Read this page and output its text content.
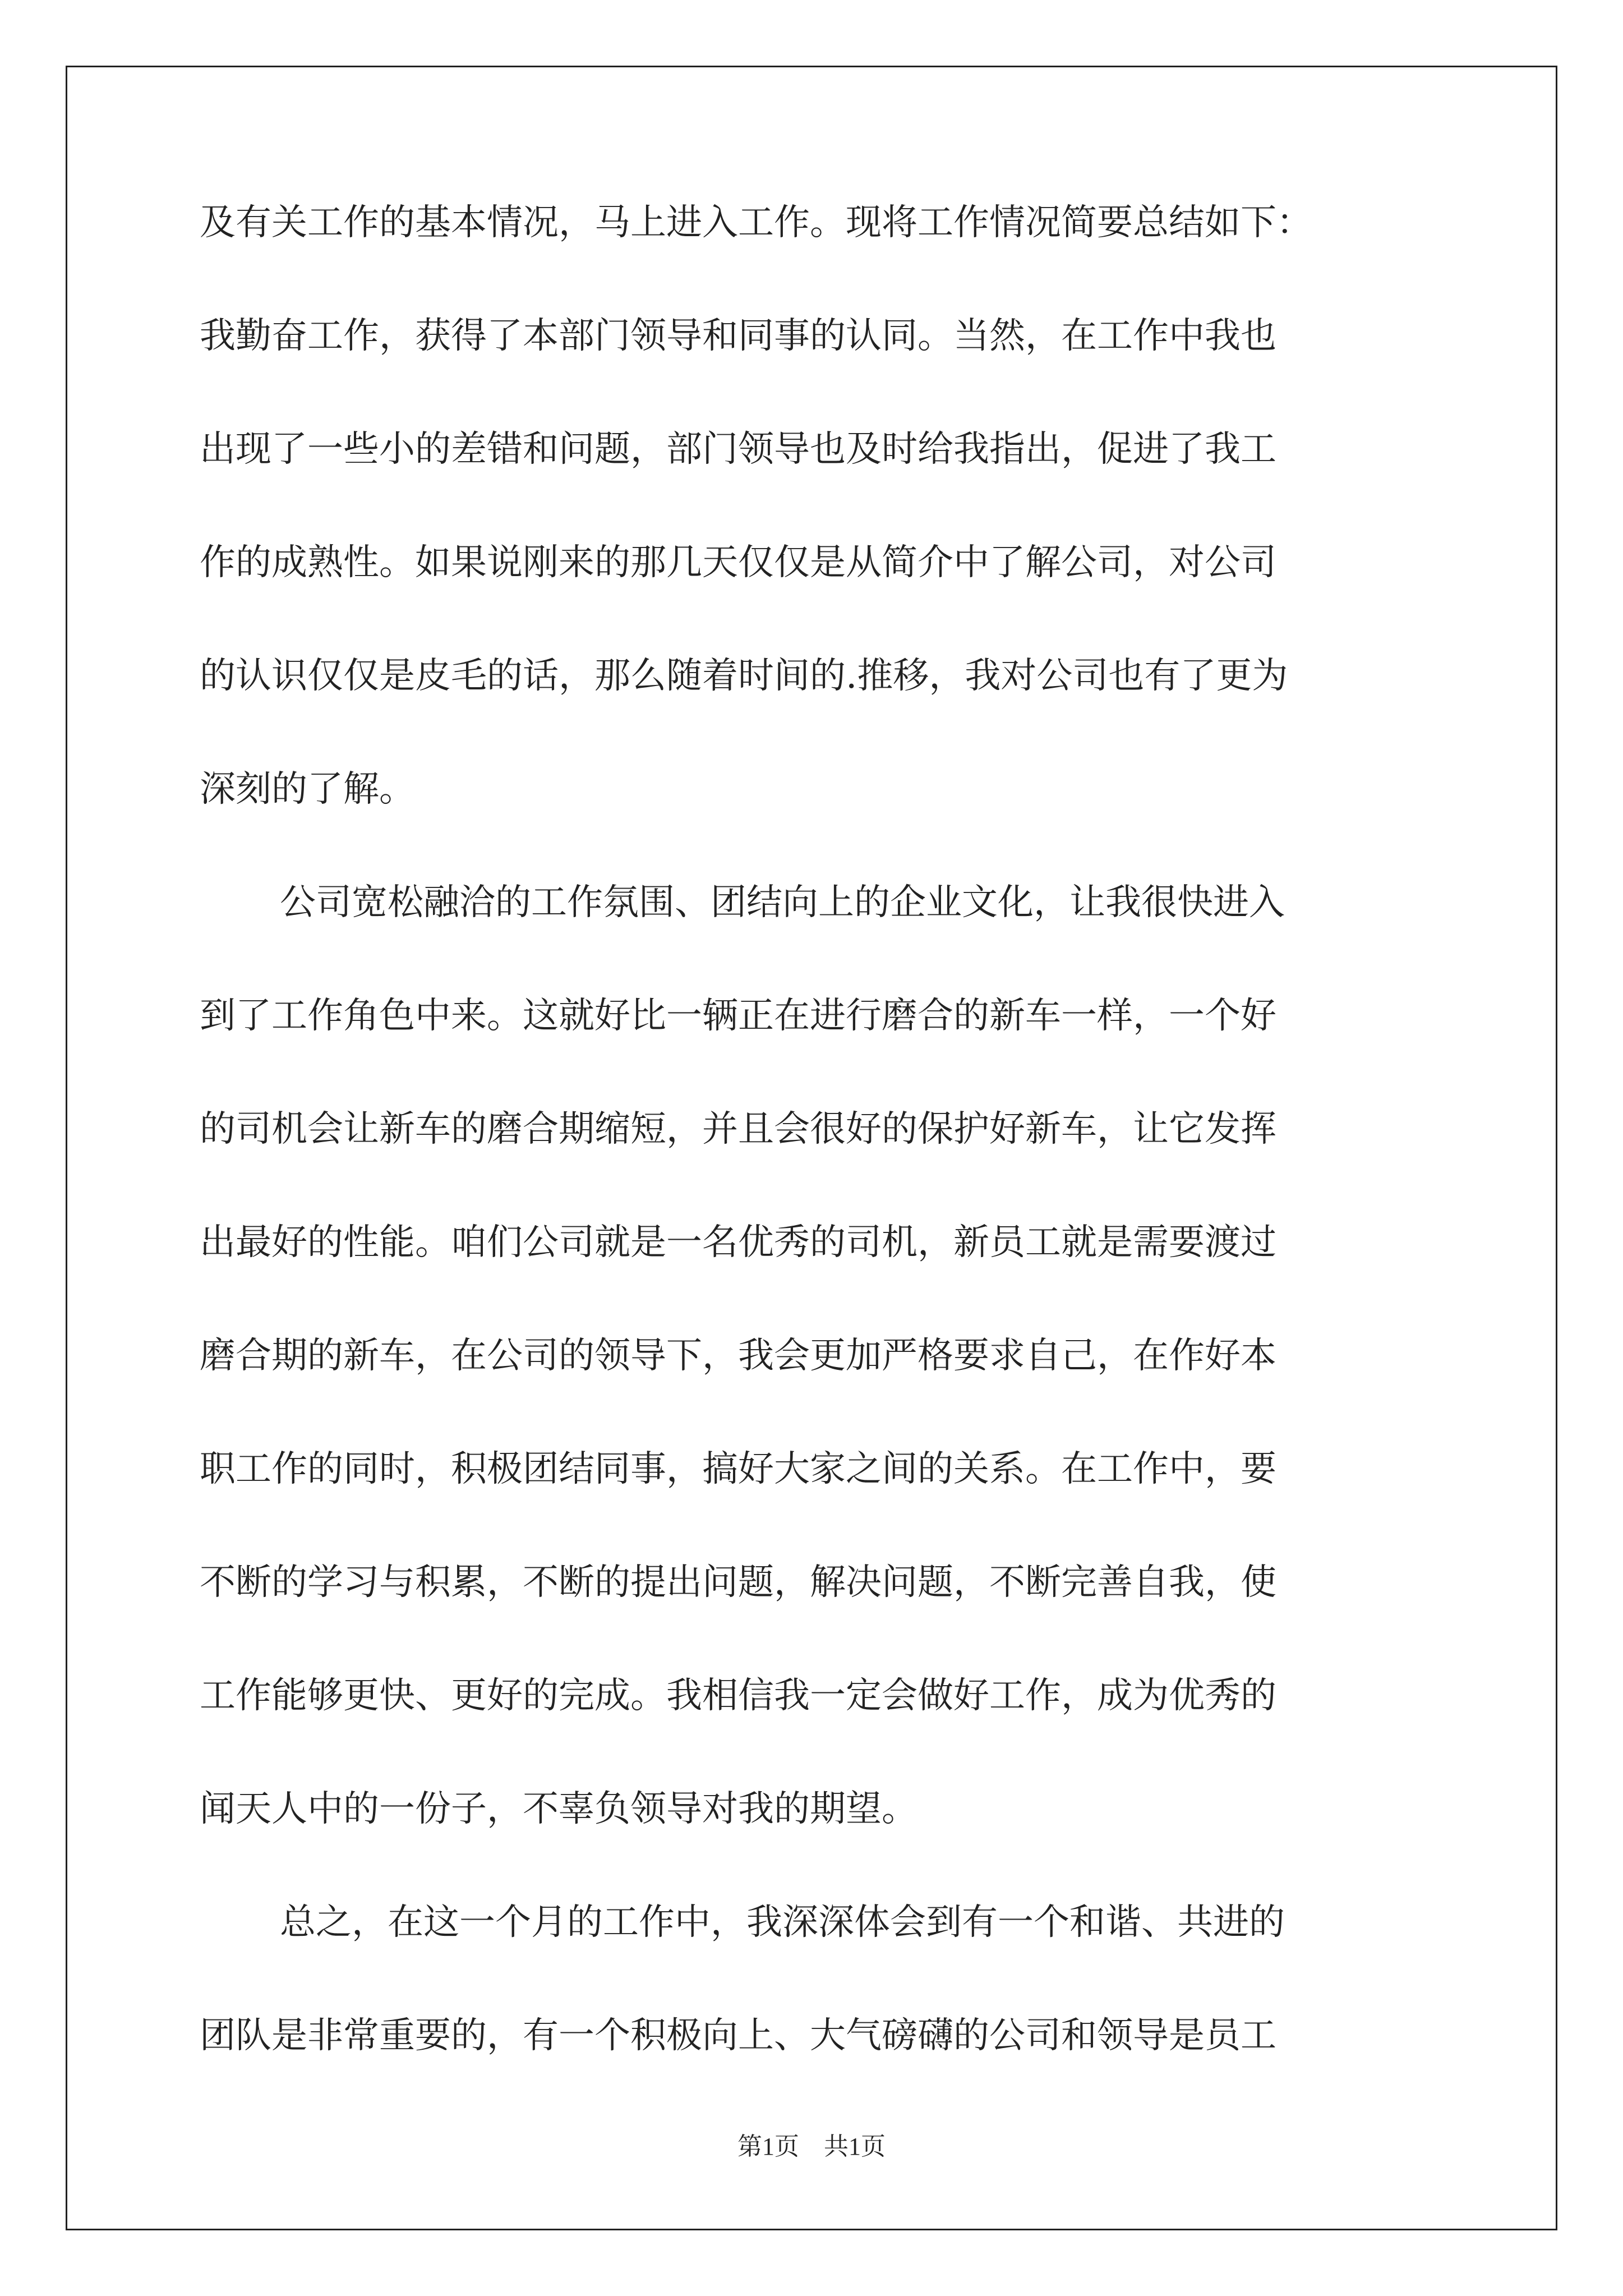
及有关工作的基本情况，马上进入工作。现将工作情况简要总结如下：
我勤奋工作，获得了本部门领导和同事的认同。当然，在工作中我也
出现了一些小的差错和问题，部门领导也及时给我指出，促进了我工
作的成熟性。如果说刚来的那几天仅仅是从简介中了解公司，对公司
的认识仅仅是皮毛的话，那么随着时间的.推移，我对公司也有了更为
深刻的了解。
公司宽松融洽的工作氛围、团结向上的企业文化，让我很快进入
到了工作角色中来。这就好比一辆正在进行磨合的新车一样，一个好
的司机会让新车的磨合期缩短，并且会很好的保护好新车，让它发挥
出最好的性能。咱们公司就是一名优秀的司机，新员工就是需要渡过
磨合期的新车，在公司的领导下，我会更加严格要求自己，在作好本
职工作的同时，积极团结同事，搞好大家之间的关系。在工作中，要
不断的学习与积累，不断的提出问题，解决问题，不断完善自我，使
工作能够更快、更好的完成。我相信我一定会做好工作，成为优秀的
闻天人中的一份子，不辜负领导对我的期望。
总之，在这一个月的工作中，我深深体会到有一个和谐、共进的
团队是非常重要的，有一个积极向上、大气磅礴的公司和领导是员工
第1页　共1页
